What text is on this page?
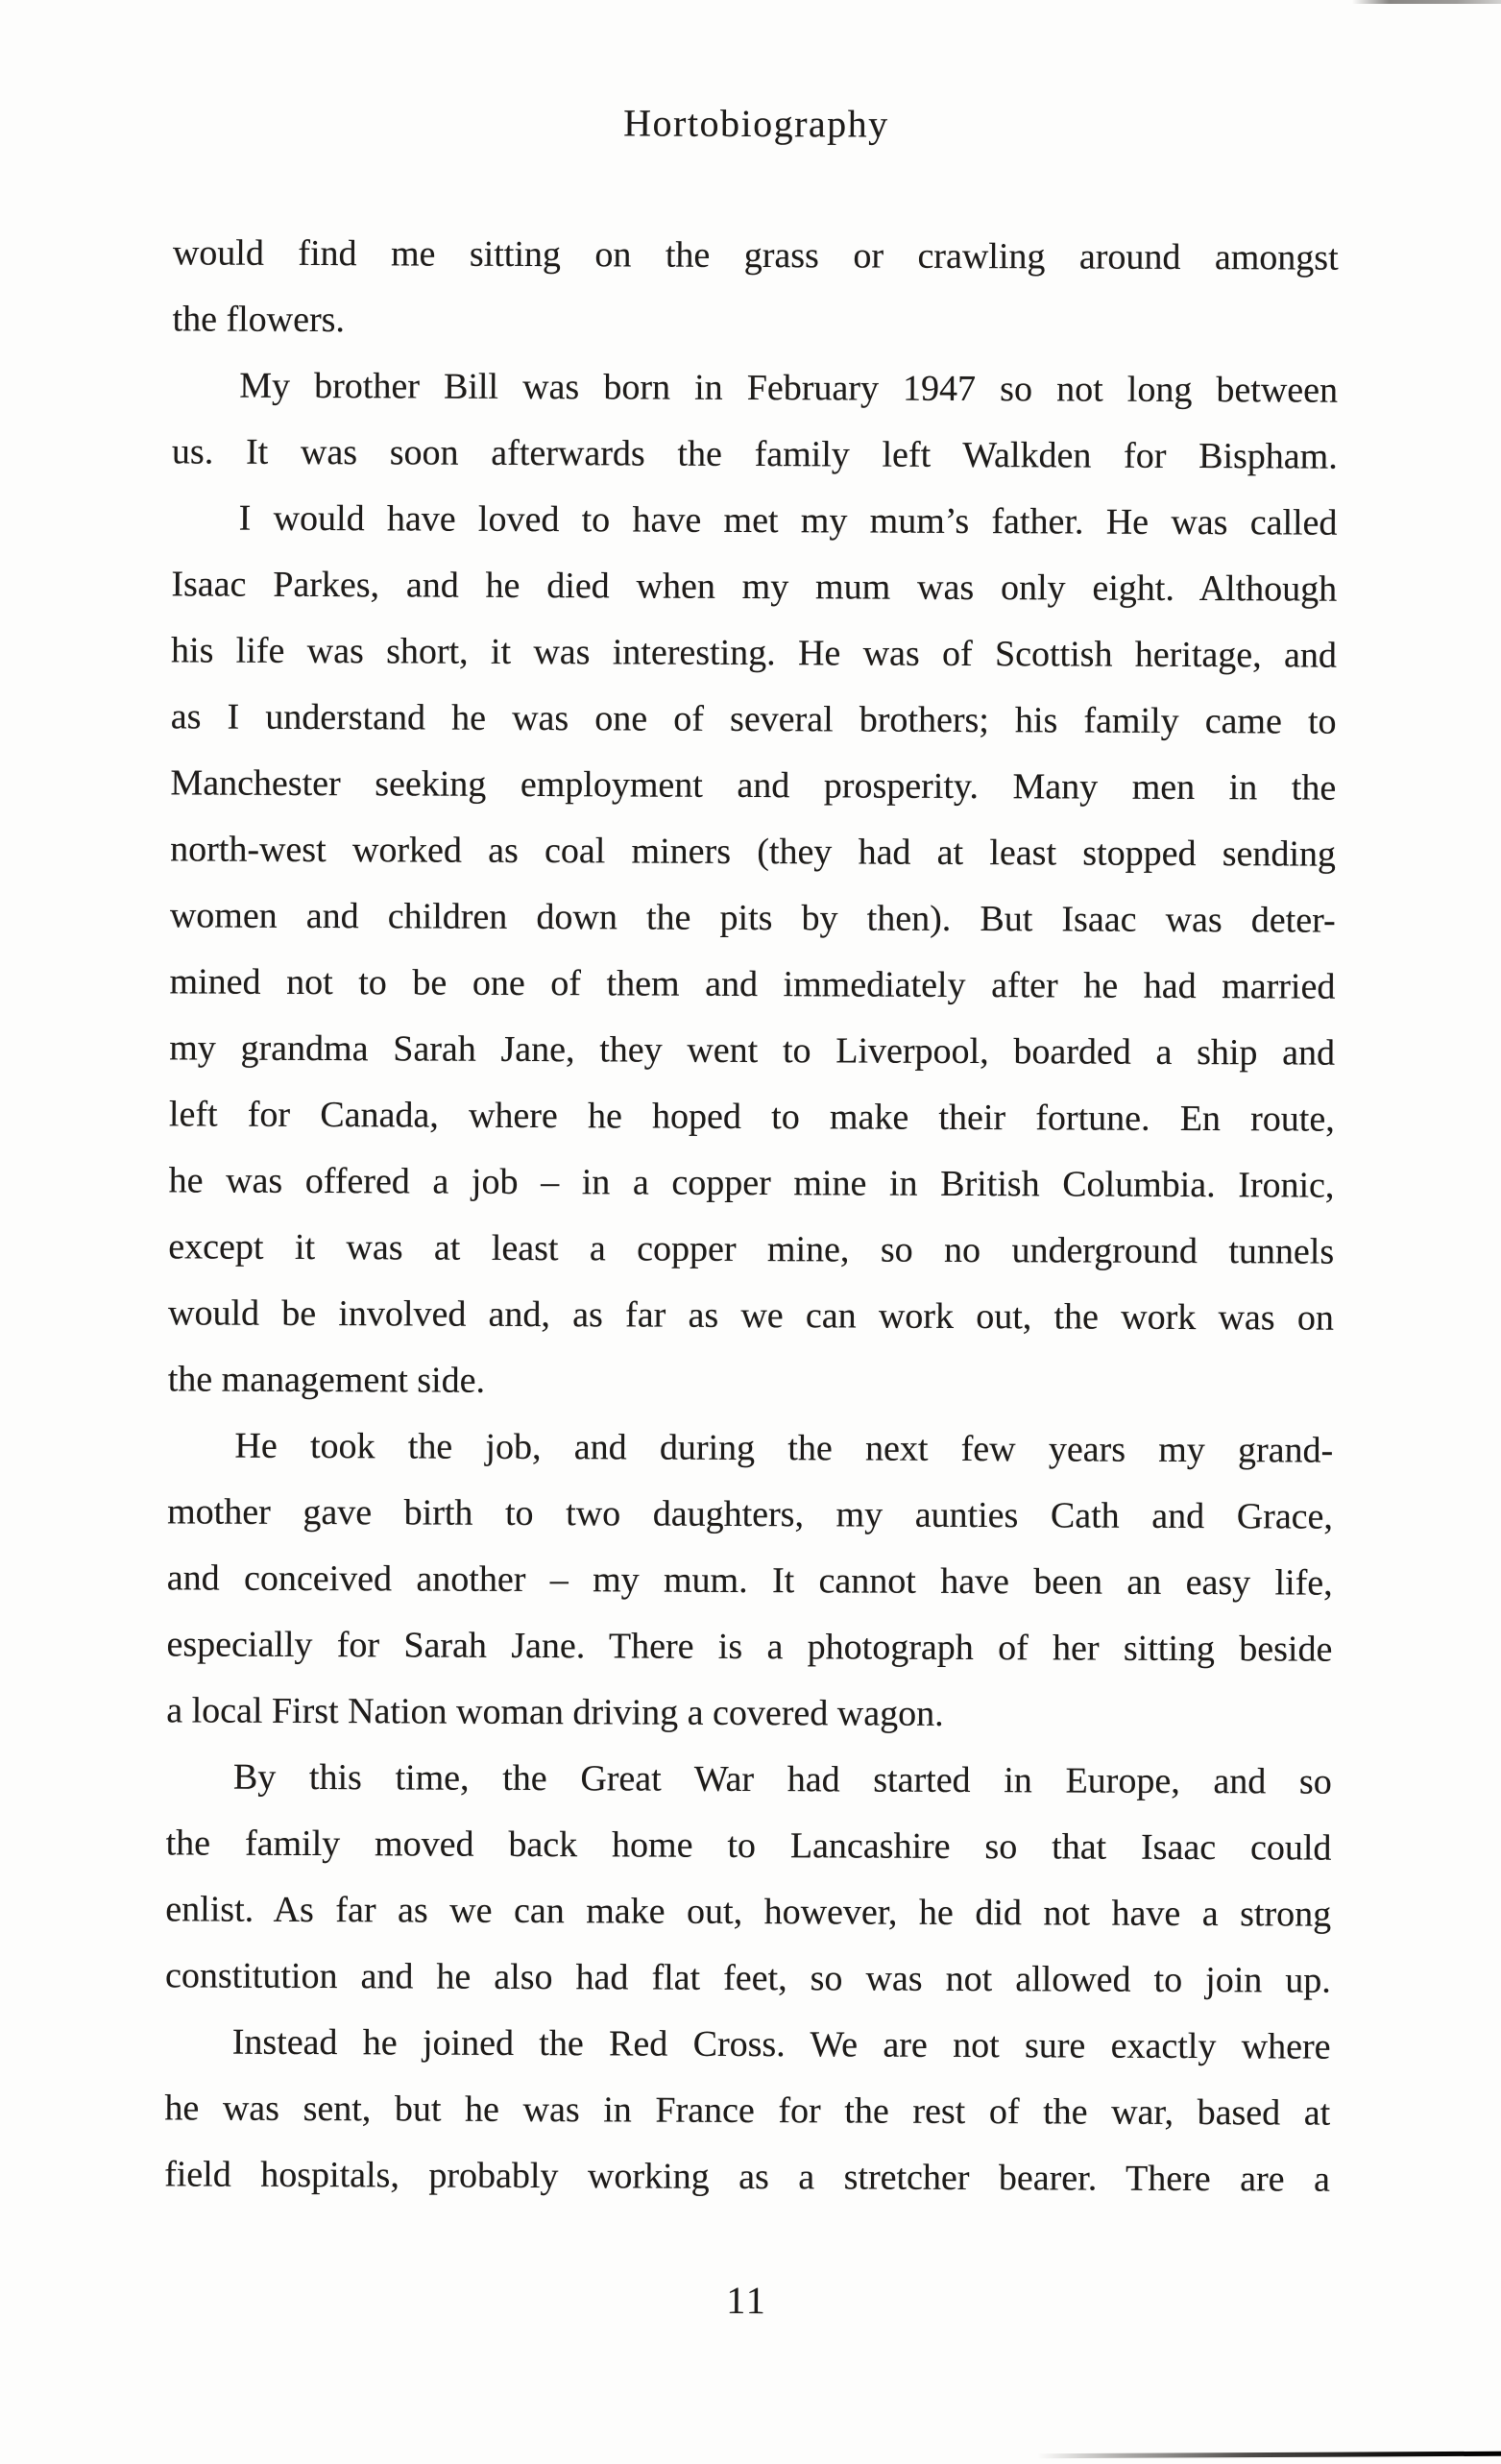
Hortobiography
would find me sitting on the grass or crawling around amongst
the flowers.
My brother Bill was born in February 1947 so not long between
us. It was soon afterwards the family left Walkden for Bispham.
I would have loved to have met my mum’s father. He was called
Isaac Parkes, and he died when my mum was only eight. Although
his life was short, it was interesting. He was of Scottish heritage, and
as I understand he was one of several brothers; his family came to
Manchester seeking employment and prosperity. Many men in the
north-west worked as coal miners (they had at least stopped sending
women and children down the pits by then). But Isaac was deter-
mined not to be one of them and immediately after he had married
my grandma Sarah Jane, they went to Liverpool, boarded a ship and
left for Canada, where he hoped to make their fortune. En route,
he was offered a job – in a copper mine in British Columbia. Ironic,
except it was at least a copper mine, so no underground tunnels
would be involved and, as far as we can work out, the work was on
the management side.
He took the job, and during the next few years my grand-
mother gave birth to two daughters, my aunties Cath and Grace,
and conceived another – my mum. It cannot have been an easy life,
especially for Sarah Jane. There is a photograph of her sitting beside
a local First Nation woman driving a covered wagon.
By this time, the Great War had started in Europe, and so
the family moved back home to Lancashire so that Isaac could
enlist. As far as we can make out, however, he did not have a strong
constitution and he also had flat feet, so was not allowed to join up.
Instead he joined the Red Cross. We are not sure exactly where
he was sent, but he was in France for the rest of the war, based at
field hospitals, probably working as a stretcher bearer. There are a
11
